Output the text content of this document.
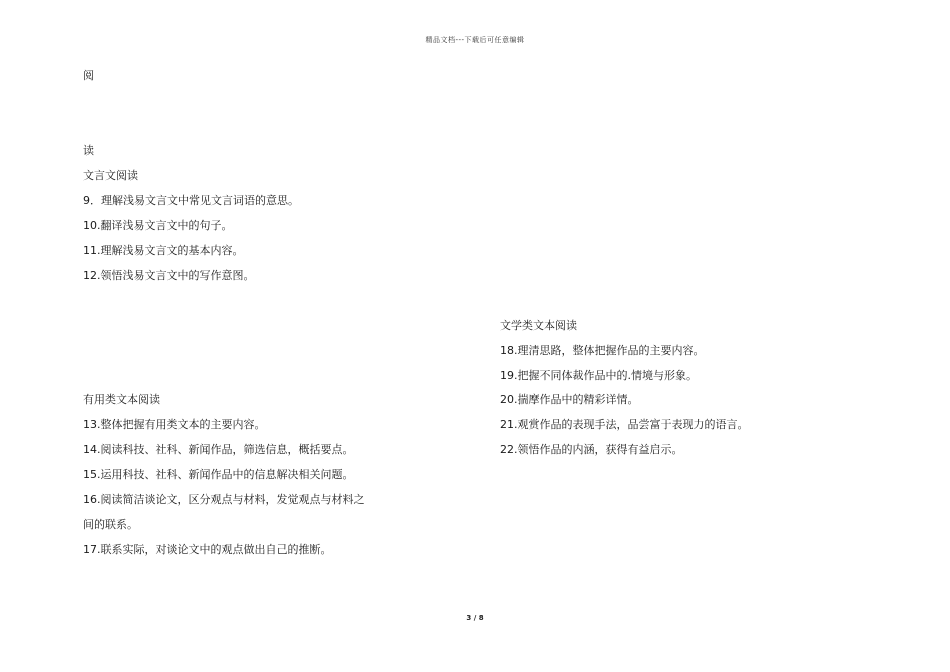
精品文档---下载后可任意编辑
阅
读
文言文阅读
9．理解浅易文言文中常见文言词语的意思。
10.翻译浅易文言文中的句子。
11.理解浅易文言文的基本内容。
12.领悟浅易文言文中的写作意图。
有用类文本阅读
13.整体把握有用类文本的主要内容。
14.阅读科技、社科、新闻作品，筛选信息，概括要点。
15.运用科技、社科、新闻作品中的信息解决相关问题。
16.阅读简洁谈论文，区分观点与材料，发觉观点与材料之
间的联系。
17.联系实际，对谈论文中的观点做出自己的推断。
文学类文本阅读
18.理清思路，整体把握作品的主要内容。
19.把握不同体裁作品中的.情境与形象。
20.揣摩作品中的精彩详情。
21.观赏作品的表现手法，品尝富于表现力的语言。
22.领悟作品的内涵，获得有益启示。
3 / 8
